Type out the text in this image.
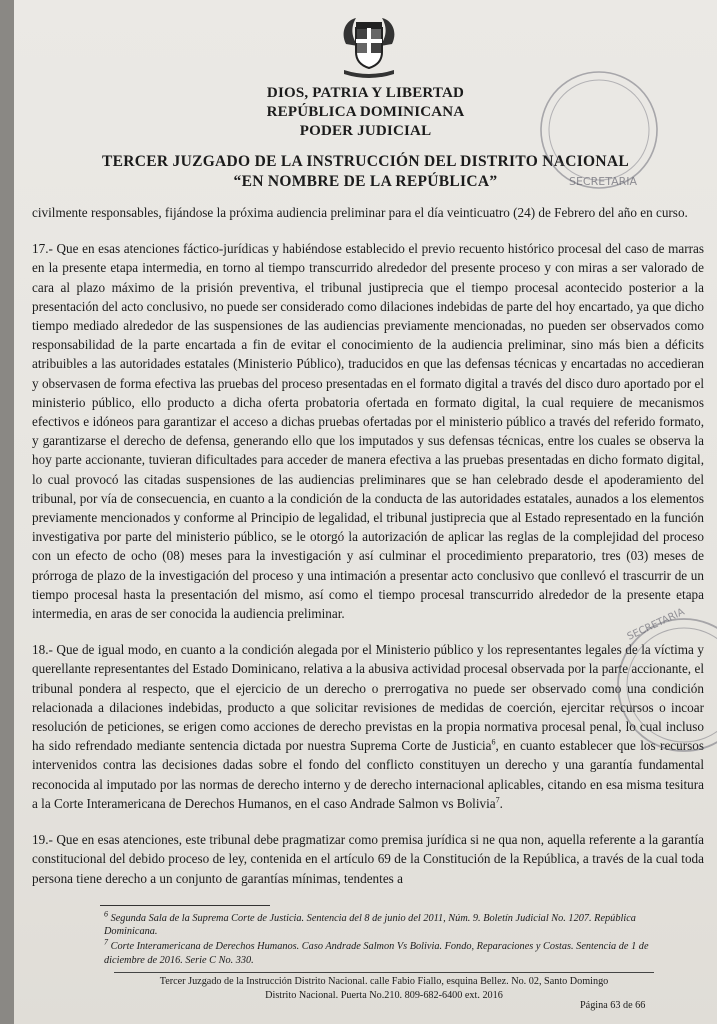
DIOS, PATRIA Y LIBERTAD
REPÚBLICA DOMINICANA
PODER JUDICIAL
TERCER JUZGADO DE LA INSTRUCCIÓN DEL DISTRITO NACIONAL
“EN NOMBRE DE LA REPÚBLICA”	SECRETARIA

civilmente responsables, fijándose la próxima audiencia preliminar para el día veinticuatro (24) de Febrero del año en curso.

17.- Que en esas atenciones fáctico-jurídicas y habiéndose establecido el previo recuento histórico procesal del caso de marras en la presente etapa intermedia, en torno al tiempo transcurrido alrededor del presente proceso y con miras a ser valorado de cara al plazo máximo de la prisión preventiva, el tribunal justiprecia que el tiempo procesal acontecido posterior a la presentación del acto conclusivo, no puede ser considerado como dilaciones indebidas de parte del hoy encartado, ya que dicho tiempo mediado alrededor de las suspensiones de las audiencias previamente mencionadas, no pueden ser observados como responsabilidad de la parte encartada a fin de evitar el conocimiento de la audiencia preliminar, sino más bien a déficits atribuibles a las autoridades estatales (Ministerio Público), traducidos en que las defensas técnicas y encartadas no accedieran y observasen de forma efectiva las pruebas del proceso presentadas en el formato digital a través del disco duro aportado por el ministerio público, ello producto a dicha oferta probatoria ofertada en formato digital, la cual requiere de mecanismos efectivos e idóneos para garantizar el acceso a dichas pruebas ofertadas por el ministerio público a través del referido formato, y garantizarse el derecho de defensa, generando ello que los imputados y sus defensas técnicas, entre los cuales se observa la hoy parte accionante, tuvieran dificultades para acceder de manera efectiva a las pruebas presentadas en dicho formato digital, lo cual provocó las citadas suspensiones de las audiencias preliminares que se han celebrado desde el apoderamiento del tribunal, por vía de consecuencia, en cuanto a la condición de la conducta de las autoridades estatales, aunados a los elementos previamente mencionados y conforme al Principio de legalidad, el tribunal justiprecia que al Estado representado en la función investigativa por parte del ministerio público, se le otorgó la autorización de aplicar las reglas de la complejidad del proceso con un efecto de ocho (08) meses para la investigación y así culminar el procedimiento preparatorio, tres (03) meses de prórroga de plazo de la investigación del proceso y una intimación a presentar acto conclusivo que conllevó el trascurrir de un tiempo procesal hasta la presentación del mismo, así como el tiempo procesal transcurrido alrededor de la presente etapa intermedia, en aras de ser conocida la audiencia preliminar.

18.- Que de igual modo, en cuanto a la condición alegada por el Ministerio público y los representantes legales de la víctima y querellante representantes del Estado Dominicano, relativa a la abusiva actividad procesal observada por la parte accionante, el tribunal pondera al respecto, que el ejercicio de un derecho o prerrogativa no puede ser observado como una condición relacionada a dilaciones indebidas, producto a que solicitar revisiones de medidas de coerción, ejercitar recursos o incoar resolución de peticiones, se erigen como acciones de derecho previstas en la propia normativa procesal penal, lo cual incluso ha sido refrendado mediante sentencia dictada por nuestra Suprema Corte de Justicia$^6$, en cuanto establecer que los recursos intervenidos contra las decisiones dadas sobre el fondo del conflicto constituyen un derecho y una garantía fundamental reconocida al imputado por las normas de derecho interno y de derecho internacional aplicables, citando en esa misma tesitura a la Corte Interamericana de Derechos Humanos, en el caso Andrade Salmon vs Bolivia$^7$.

19.- Que en esas atenciones, este tribunal debe pragmatizar como premisa jurídica si ne qua non, aquella referente a la garantía constitucional del debido proceso de ley, contenida en el artículo 69 de la Constitución de la República, a través de la cual toda persona tiene derecho a un conjunto de garantías mínimas, tendentes a

SECRETARIA

$^6$ Segunda Sala de la Suprema Corte de Justicia. Sentencia del 8 de junio del 2011, Núm. 9. Boletín Judicial No. 1207. República Dominicana.

$^7$ Corte Interamericana de Derechos Humanos. Caso Andrade Salmon Vs Bolivia. Fondo, Reparaciones y Costas. Sentencia de 1 de diciembre de 2016. Serie C No. 330.

Tercer Juzgado de la Instrucción Distrito Nacional. calle Fabio Fiallo, esquina Bellez. No. 02, Santo Domingo
Distrito Nacional. Puerta No.210. 809-682-6400 ext. 2016
Página 63 de 66
